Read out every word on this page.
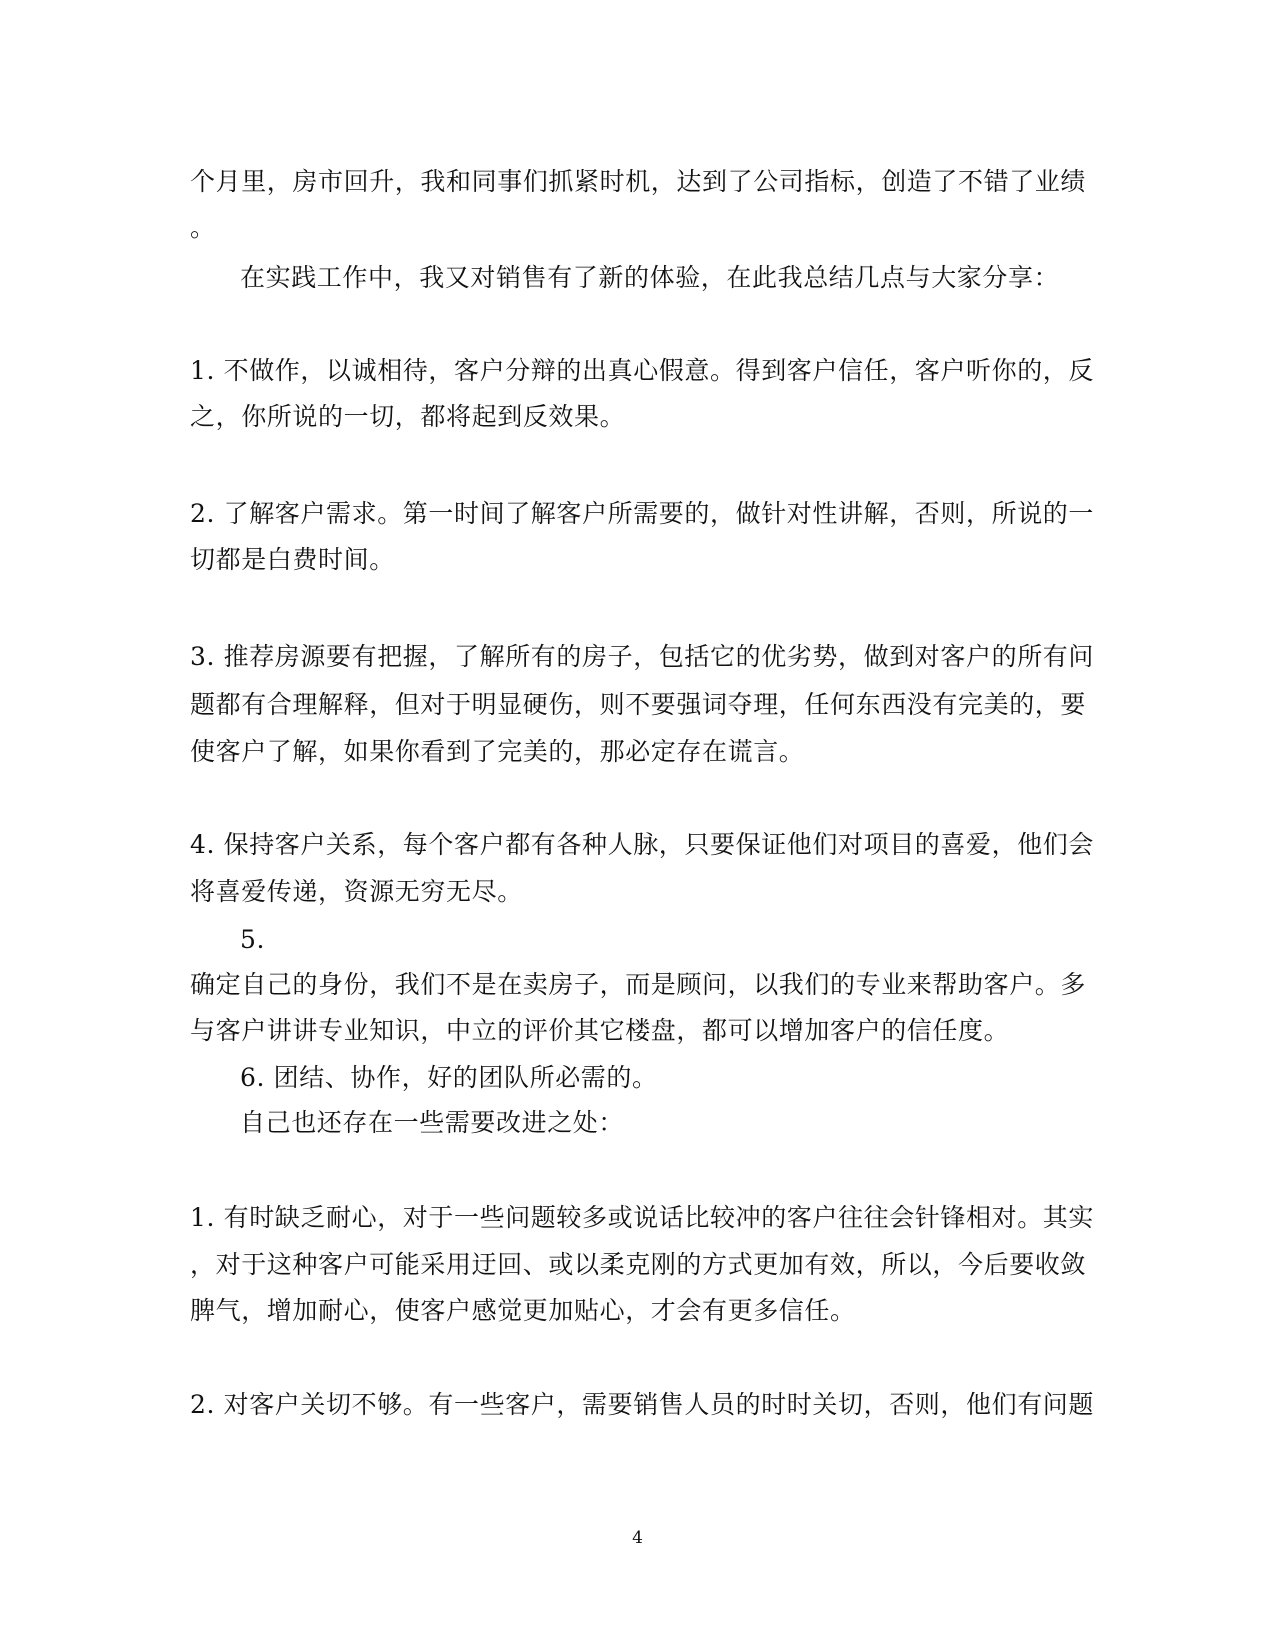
个月里，房市回升，我和同事们抓紧时机，达到了公司指标，创造了不错了业绩
。
在实践工作中，我又对销售有了新的体验，在此我总结几点与大家分享：
1. 不做作，以诚相待，客户分辩的出真心假意。得到客户信任，客户听你的，反
之，你所说的一切，都将起到反效果。
2. 了解客户需求。第一时间了解客户所需要的，做针对性讲解，否则，所说的一
切都是白费时间。
3. 推荐房源要有把握，了解所有的房子，包括它的优劣势，做到对客户的所有问
题都有合理解释，但对于明显硬伤，则不要强词夺理，任何东西没有完美的，要
使客户了解，如果你看到了完美的，那必定存在谎言。
4. 保持客户关系，每个客户都有各种人脉，只要保证他们对项目的喜爱，他们会
将喜爱传递，资源无穷无尽。
5.
确定自己的身份，我们不是在卖房子，而是顾问，以我们的专业来帮助客户。多
与客户讲讲专业知识，中立的评价其它楼盘，都可以增加客户的信任度。
6. 团结、协作，好的团队所必需的。
自己也还存在一些需要改进之处：
1. 有时缺乏耐心，对于一些问题较多或说话比较冲的客户往往会针锋相对。其实
，对于这种客户可能采用迂回、或以柔克刚的方式更加有效，所以，今后要收敛
脾气，增加耐心，使客户感觉更加贴心，才会有更多信任。
2. 对客户关切不够。有一些客户，需要销售人员的时时关切，否则，他们有问题
4
